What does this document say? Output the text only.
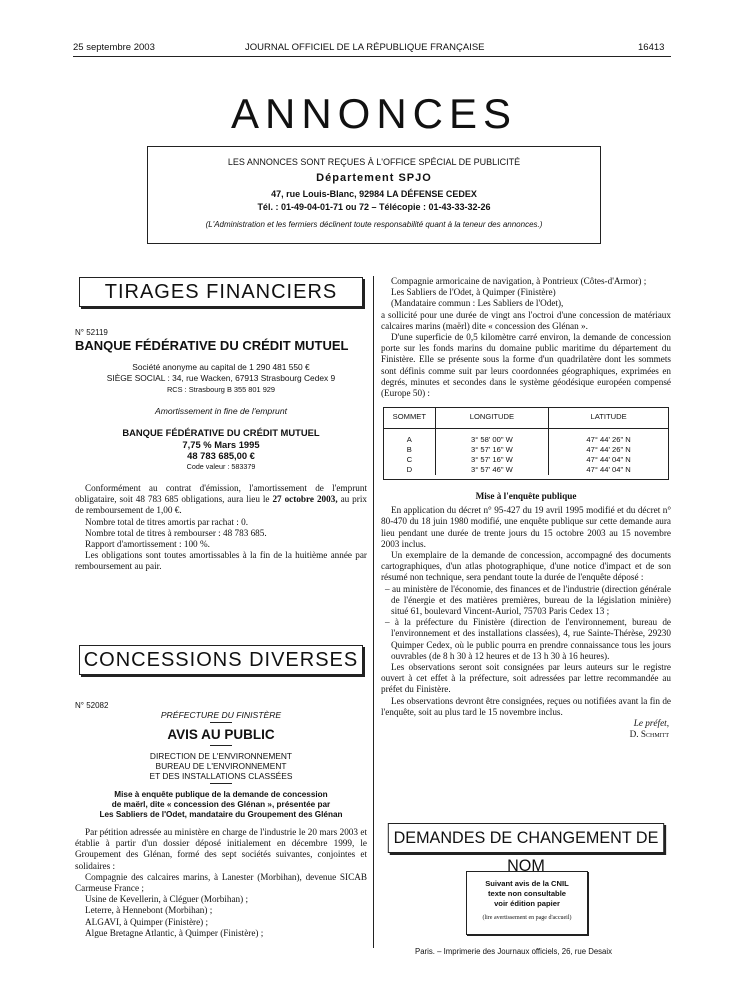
25 septembre 2003	JOURNAL OFFICIEL DE LA RÉPUBLIQUE FRANÇAISE	16413
ANNONCES
LES ANNONCES SONT REÇUES À L'OFFICE SPÉCIAL DE PUBLICITÉ
Département SPJO
47, rue Louis-Blanc, 92984 LA DÉFENSE CEDEX
Tél. : 01-49-04-01-71 ou 72 – Télécopie : 01-43-33-32-26
(L'Administration et les fermiers déclinent toute responsabilité quant à la teneur des annonces.)
TIRAGES FINANCIERS
N° 52119
BANQUE FÉDÉRATIVE DU CRÉDIT MUTUEL
Société anonyme au capital de 1 290 481 550 €
SIÈGE SOCIAL : 34, rue Wacken, 67913 Strasbourg Cedex 9
RCS : Strasbourg B 355 801 929
Amortissement in fine de l'emprunt
BANQUE FÉDÉRATIVE DU CRÉDIT MUTUEL
7,75 % Mars 1995
48 783 685,00 €
Code valeur : 583379

Conformément au contrat d'émission, l'amortissement de l'emprunt obligataire, soit 48 783 685 obligations, aura lieu le 27 octobre 2003, au prix de remboursement de 1,00 €.

Nombre total de titres amortis par rachat : 0.

Nombre total de titres à rembourser : 48 783 685.

Rapport d'amortissement : 100 %.

Les obligations sont toutes amortissables à la fin de la huitième année par remboursement au pair.

CONCESSIONS DIVERSES
N° 52082
PRÉFECTURE DU FINISTÈRE
AVIS AU PUBLIC
DIRECTION DE L'ENVIRONNEMENT
BUREAU DE L'ENVIRONNEMENT
ET DES INSTALLATIONS CLASSÉES
Mise à enquête publique de la demande de concession
de maërl, dite « concession des Glénan », présentée par
Les Sabliers de l'Odet, mandataire du Groupement des Glénan

Par pétition adressée au ministère en charge de l'industrie le 20 mars 2003 et établie à partir d'un dossier déposé initialement en décembre 1999, le Groupement des Glénan, formé des sept sociétés suivantes, conjointes et solidaires :

Compagnie des calcaires marins, à Lanester (Morbihan), devenue SICAB Carmeuse France ;

Usine de Kevellerin, à Cléguer (Morbihan) ;

Leterre, à Hennebont (Morbihan) ;

ALGAVI, à Quimper (Finistère) ;

Algue Bretagne Atlantic, à Quimper (Finistère) ;

Compagnie armoricaine de navigation, à Pontrieux (Côtes-d'Armor) ;

Les Sabliers de l'Odet, à Quimper (Finistère)

(Mandataire commun : Les Sabliers de l'Odet),

a sollicité pour une durée de vingt ans l'octroi d'une concession de matériaux calcaires marins (maërl) dite « concession des Glénan ».

D'une superficie de 0,5 kilomètre carré environ, la demande de concession porte sur les fonds marins du domaine public maritime du département du Finistère. Elle se présente sous la forme d'un quadrilatère dont les sommets sont définis comme suit par leurs coordonnées géographiques, exprimées en degrés, minutes et secondes dans le système géodésique européen compensé (Europe 50) :

SOMMET	LONGITUDE	LATITUDE

A	3° 58' 00" W	47° 44' 26" N
B	3° 57' 16" W	47° 44' 26" N
C	3° 57' 16" W	47° 44' 04" N
D	3° 57' 46" W	47° 44' 04" N
Mise à l'enquête publique

En application du décret n° 95-427 du 19 avril 1995 modifié et du décret n° 80-470 du 18 juin 1980 modifié, une enquête publique sur cette demande aura lieu pendant une durée de trente jours du 15 octobre 2003 au 15 novembre 2003 inclus.

Un exemplaire de la demande de concession, accompagné des documents cartographiques, d'un atlas photographique, d'une notice d'impact et de son résumé non technique, sera pendant toute la durée de l'enquête déposé :

– au ministère de l'économie, des finances et de l'industrie (direction générale de l'énergie et des matières premières, bureau de la législation minière) situé 61, boulevard Vincent-Auriol, 75703 Paris Cedex 13 ;

– à la préfecture du Finistère (direction de l'environnement, bureau de l'environnement et des installations classées), 4, rue Sainte-Thérèse, 29230 Quimper Cedex, où le public pourra en prendre connaissance tous les jours ouvrables (de 8 h 30 à 12 heures et de 13 h 30 à 16 heures).

Les observations seront soit consignées par leurs auteurs sur le registre ouvert à cet effet à la préfecture, soit adressées par lettre recommandée au préfet du Finistère.

Les observations devront être consignées, reçues ou notifiées avant la fin de l'enquête, soit au plus tard le 15 novembre inclus.

Le préfet,
D. Schmitt
DEMANDES DE CHANGEMENT DE NOM
Suivant avis de la CNIL
texte non consultable
voir édition papier
(lire avertissement en page d'accueil)
Paris. – Imprimerie des Journaux officiels, 26, rue Desaix
